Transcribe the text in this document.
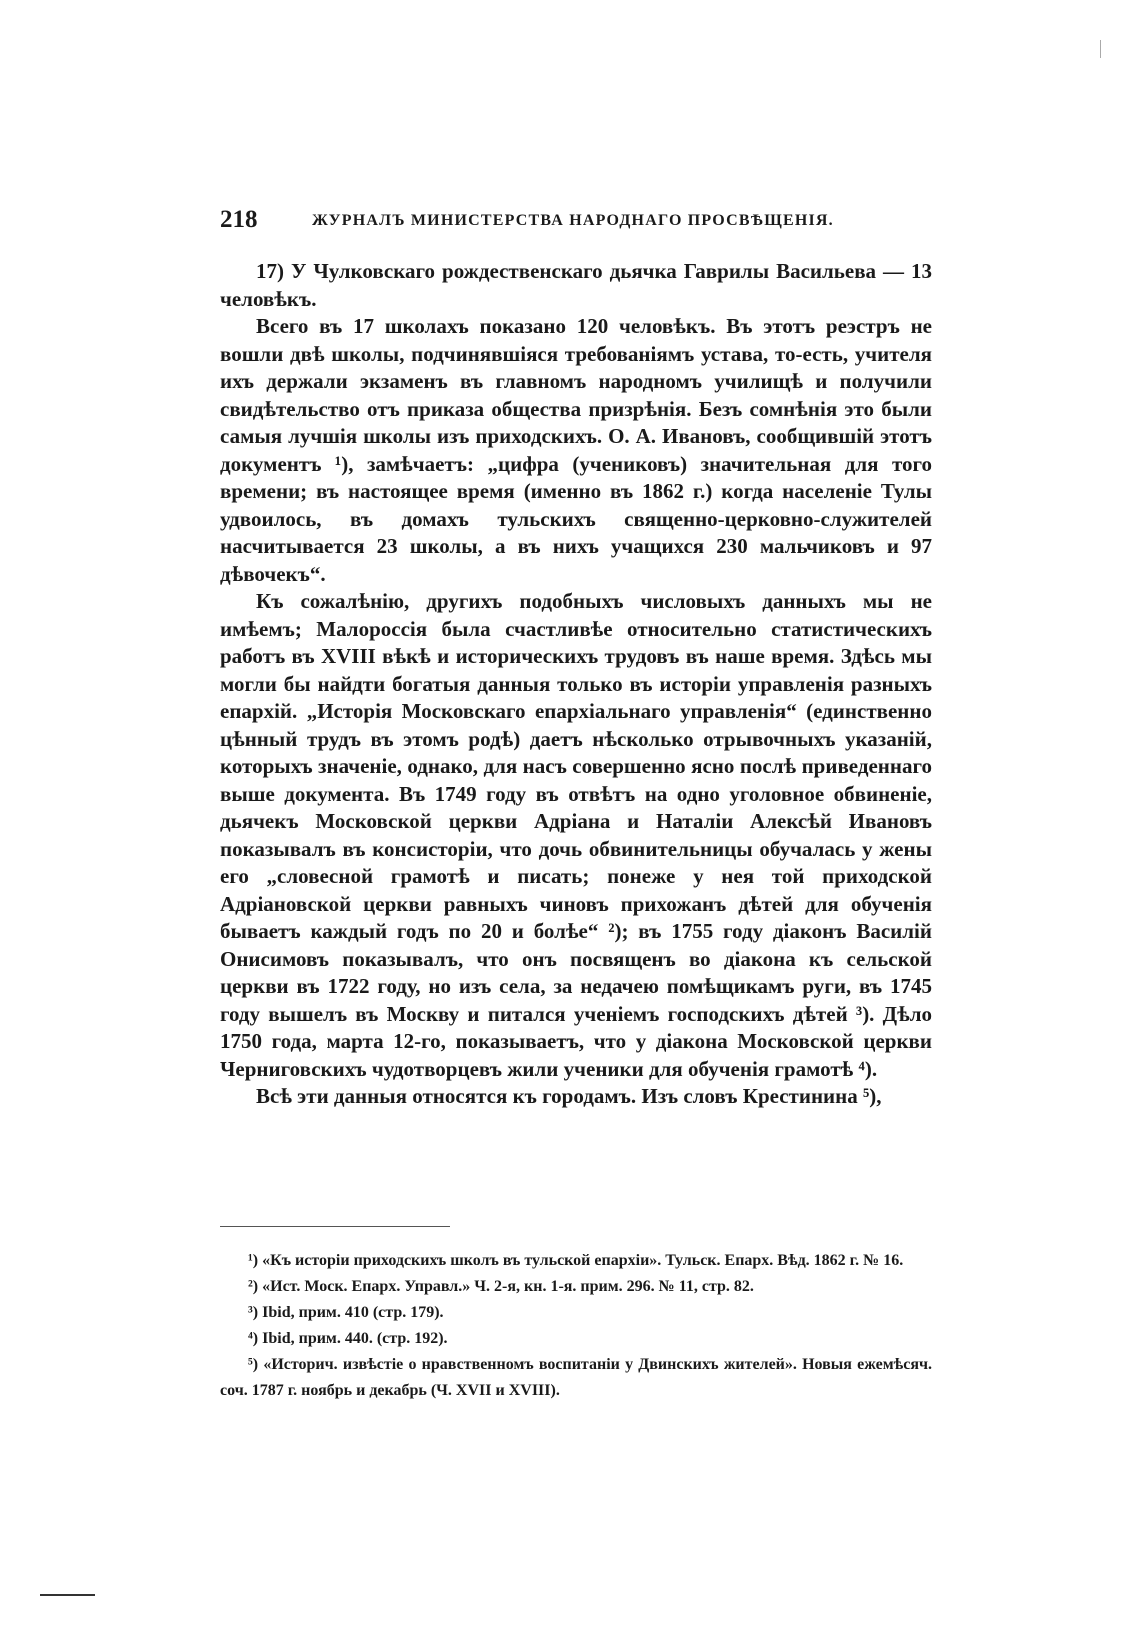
218	ЖУРНАЛЪ МИНИСТЕРСТВА НАРОДНАГО ПРОСВѢЩЕНІЯ.

17) У Чулковскаго рождественскаго дьячка Гаврилы Васильева — 13 человѣкъ.

Всего въ 17 школахъ показано 120 человѣкъ. Въ этотъ реэстръ не вошли двѣ школы, подчинявшіяся требованіямъ устава, то-есть, учителя ихъ держали экзаменъ въ главномъ народномъ училищѣ и получили свидѣтельство отъ приказа общества призрѣнія. Безъ сомнѣнія это были самыя лучшія школы изъ приходскихъ. О. А. Ивановъ, сообщившій этотъ документъ ¹), замѣчаетъ: „цифра (учениковъ) значительная для того времени; въ настоящее время (именно въ 1862 г.) когда населеніе Тулы удвоилось, въ домахъ тульскихъ священно-церковно-служителей насчитывается 23 школы, а въ нихъ учащихся 230 мальчиковъ и 97 дѣвочекъ“.

Къ сожалѣнію, другихъ подобныхъ числовыхъ данныхъ мы не имѣемъ; Малороссія была счастливѣе относительно статистическихъ работъ въ XVIII вѣкѣ и историческихъ трудовъ въ наше время. Здѣсь мы могли бы найдти богатыя данныя только въ исторіи управленія разныхъ епархій. „Исторія Московскаго епархіальнаго управленія“ (единственно цѣнный трудъ въ этомъ родѣ) даетъ нѣсколько отрывочныхъ указаній, которыхъ значеніе, однако, для насъ совершенно ясно послѣ приведеннаго выше документа. Въ 1749 году въ отвѣтъ на одно уголовное обвиненіе, дьячекъ Московской церкви Адріана и Наталіи Алексѣй Ивановъ показывалъ въ консисторіи, что дочь обвинительницы обучалась у жены его „словесной грамотѣ и писать; понеже у нея той приходской Адріановской церкви равныхъ чиновъ прихожанъ дѣтей для обученія бываетъ каждый годъ по 20 и болѣе“ ²); въ 1755 году діаконъ Василій Онисимовъ показывалъ, что онъ посвященъ во діакона къ сельской церкви въ 1722 году, но изъ села, за недачею помѣщикамъ руги, въ 1745 году вышелъ въ Москву и питался ученіемъ господскихъ дѣтей ³). Дѣло 1750 года, марта 12-го, показываетъ, что у діакона Московской церкви Черниговскихъ чудотворцевъ жили ученики для обученія грамотѣ ⁴).

Всѣ эти данныя относятся къ городамъ. Изъ словъ Крестинина ⁵),

¹) «Къ исторіи приходскихъ школъ въ тульской епархіи». Тульск. Епарх. Вѣд. 1862 г. № 16.

²) «Ист. Моск. Епарх. Управл.» Ч. 2-я, кн. 1-я. прим. 296. № 11, стр. 82.

³) Ibid, прим. 410 (стр. 179).

⁴) Ibid, прим. 440. (стр. 192).

⁵) «Историч. извѣстіе о нравственномъ воспитаніи у Двинскихъ жителей». Новыя ежемѣсяч. соч. 1787 г. ноябрь и декабрь (Ч. XVII и XVIII).
